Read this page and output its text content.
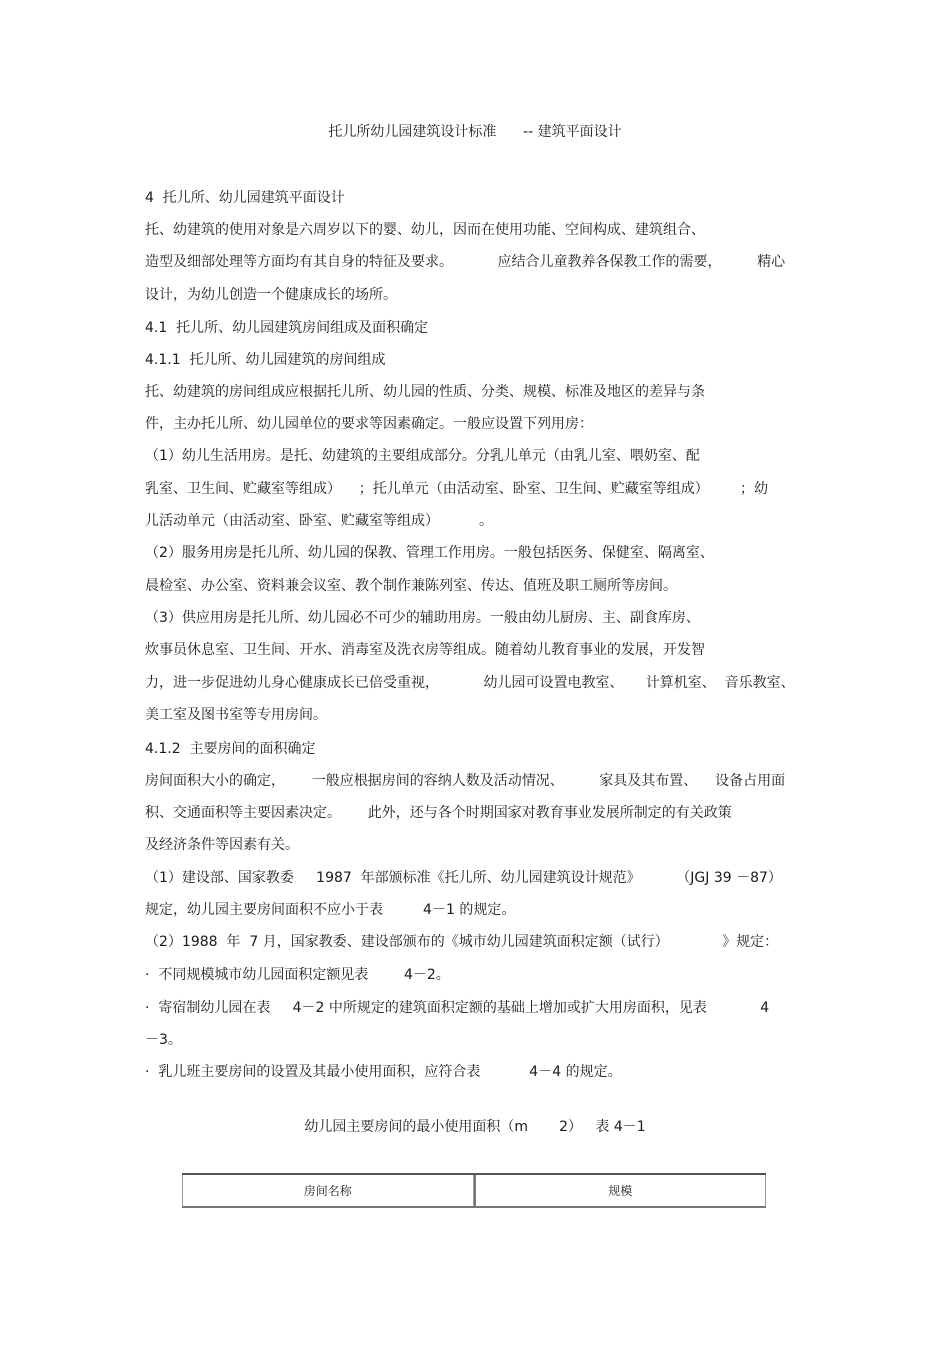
托儿所幼儿园建筑设计标准      -- 建筑平面设计
4  托儿所、幼儿园建筑平面设计
托、幼建筑的使用对象是六周岁以下的婴、幼儿，因而在使用功能、空间构成、建筑组合、
造型及细部处理等方面均有其自身的特征及要求。          应结合儿童教养各保教工作的需要，        精心
设计，为幼儿创造一个健康成长的场所。
4.1  托儿所、幼儿园建筑房间组成及面积确定
4.1.1  托儿所、幼儿园建筑的房间组成
托、幼建筑的房间组成应根据托儿所、幼儿园的性质、分类、规模、标准及地区的差异与条
件，主办托儿所、幼儿园单位的要求等因素确定。一般应设置下列用房：
（1）幼儿生活用房。是托、幼建筑的主要组成部分。分乳儿单元（由乳儿室、喂奶室、配
乳室、卫生间、贮藏室等组成）    ；托儿单元（由活动室、卧室、卫生间、贮藏室等组成）       ；幼
儿活动单元（由活动室、卧室、贮藏室等组成）         。
（2）服务用房是托儿所、幼儿园的保教、管理工作用房。一般包括医务、保健室、隔离室、
晨检室、办公室、资料兼会议室、教个制作兼陈列室、传达、值班及职工厕所等房间。
（3）供应用房是托儿所、幼儿园必不可少的辅助用房。一般由幼儿厨房、主、副食库房、
炊事员休息室、卫生间、开水、消毒室及洗衣房等组成。随着幼儿教育事业的发展，开发智
力，进一步促进幼儿身心健康成长已倍受重视，          幼儿园可设置电教室、     计算机室、  音乐教室、
美工室及图书室等专用房间。
4.1.2  主要房间的面积确定
房间面积大小的确定，      一般应根据房间的容纳人数及活动情况、        家具及其布置、    设备占用面
积、交通面积等主要因素决定。      此外，还与各个时期国家对教育事业发展所制定的有关政策
及经济条件等因素有关。
（1）建设部、国家教委     1987  年部颁标准《托儿所、幼儿园建筑设计规范》        （JGJ 39 －87）
规定，幼儿园主要房间面积不应小于表         4－1 的规定。
（2）1988  年  7 月，国家教委、建设部颁布的《城市幼儿园建筑面积定额（试行）            》规定：
·  不同规模城市幼儿园面积定额见表        4－2。
·  寄宿制幼儿园在表     4－2 中所规定的建筑面积定额的基础上增加或扩大用房面积，见表            4
－3。
·  乳儿班主要房间的设置及其最小使用面积，应符合表           4－4 的规定。
幼儿园主要房间的最小使用面积（m       2）   表 4－1
房间名称	规模
